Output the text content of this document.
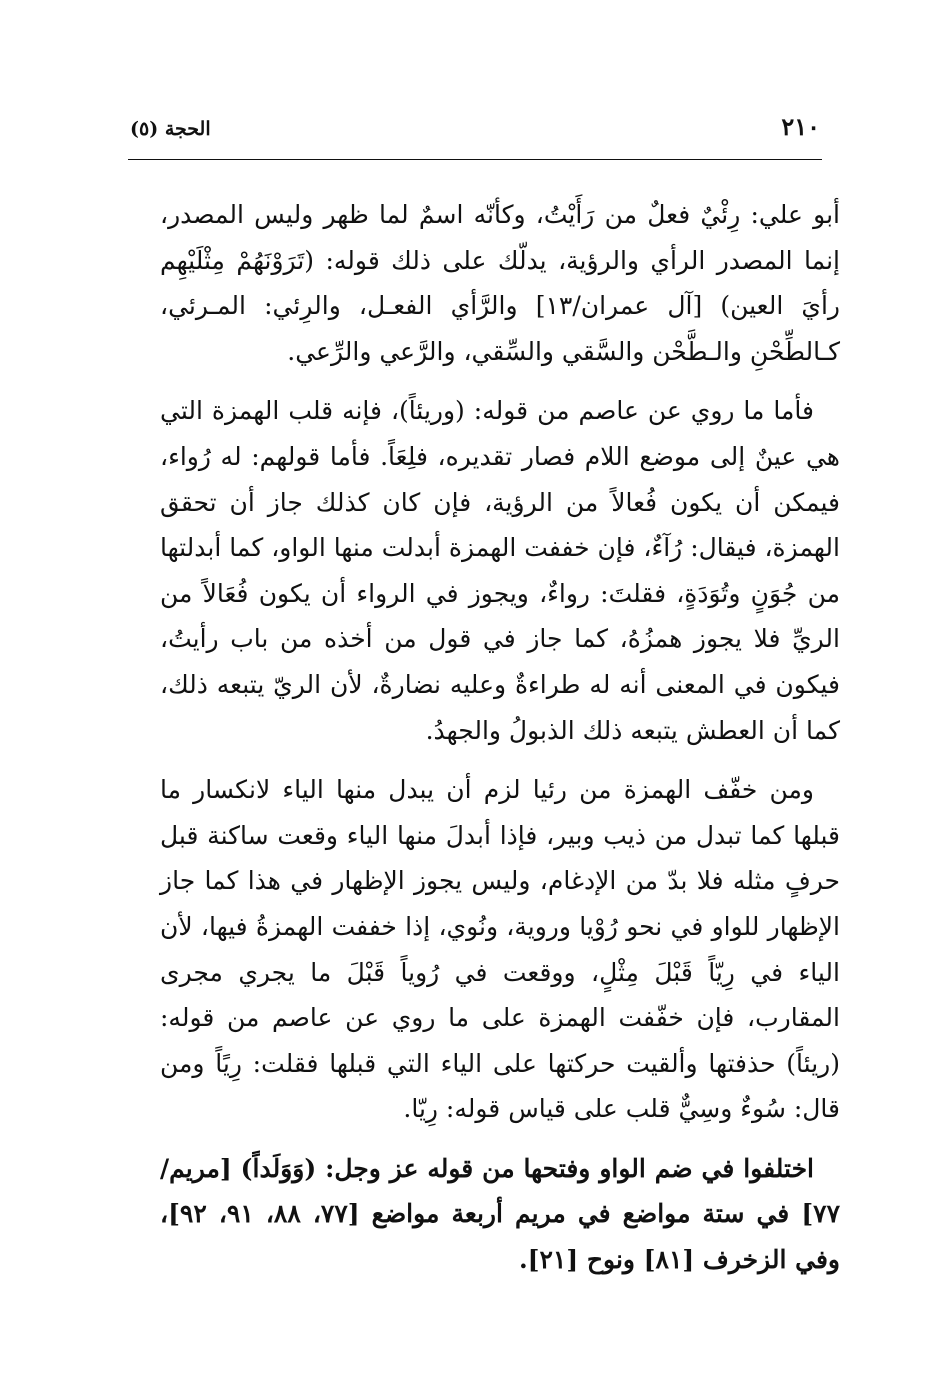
٢١٠
الحجة (٥)

أبو علي: رِئْيٌ فعلٌ من رَأَيْتُ، وكأنّه اسمٌ لما ظهر وليس المصدر، إنما المصدر الرأي والرؤية، يدلّك على ذلك قوله: (تَرَوْنَهُمْ مِثْلَيْهِم رأيَ العين) [آل عمران/١٣] والرَّأي الفعـل، والرِئي: المـرئي، كـالطِّحْنِ والـطَّحْن والسَّقي والسِّقي، والرَّعي والرِّعي.

فأما ما روي عن عاصم من قوله: (وريئاً)، فإنه قلب الهمزة التي هي عينٌ إلى موضع اللام فصار تقديره، فلِعَاً. فأما قولهم: له رُواء، فيمكن أن يكون فُعالاً من الرؤية، فإن كان كذلك جاز أن تحقق الهمزة، فيقال: رُآءٌ، فإن خففت الهمزة أبدلت منها الواو، كما أبدلتها من جُوَنٍ وتُوَدَةٍ، فقلتَ: رواءٌ، ويجوز في الرواء أن يكون فُعَالاً من الريِّ فلا يجوز همزُهُ، كما جاز في قول من أخذه من باب رأيتُ، فيكون في المعنى أنه له طراءةٌ وعليه نضارةٌ، لأن الريّ يتبعه ذلك، كما أن العطش يتبعه ذلك الذبولُ والجهدُ.

ومن خفّف الهمزة من رئيا لزم أن يبدل منها الياء لانكسار ما قبلها كما تبدل من ذيب وبير، فإذا أبدلَ منها الياء وقعت ساكنة قبل حرفٍ مثله فلا بدّ من الإدغام، وليس يجوز الإظهار في هذا كما جاز الإظهار للواو في نحو رُوْيا وروية، ونُوي، إذا خففت الهمزةُ فيها، لأن الياء في رِيّاً قَبْلَ مِثْلٍ، ووقعت في رُوياً قَبْلَ ما يجري مجرى المقارب، فإن خفّفت الهمزة على ما روي عن عاصم من قوله: (ريئاً) حذفتها وألقيت حركتها على الياء التي قبلها فقلت: رِيًاً ومن قال: سُوءٌ وسِيٌّ قلب على قياس قوله: رِيّا.

اختلفوا في ضم الواو وفتحها من قوله عز وجل: (وَوَلَداً) [مريم/٧٧] في ستة مواضع في مريم أربعة مواضع [٧٧، ٨٨، ٩١، ٩٢]، وفي الزخرف [٨١] ونوح [٢١].
